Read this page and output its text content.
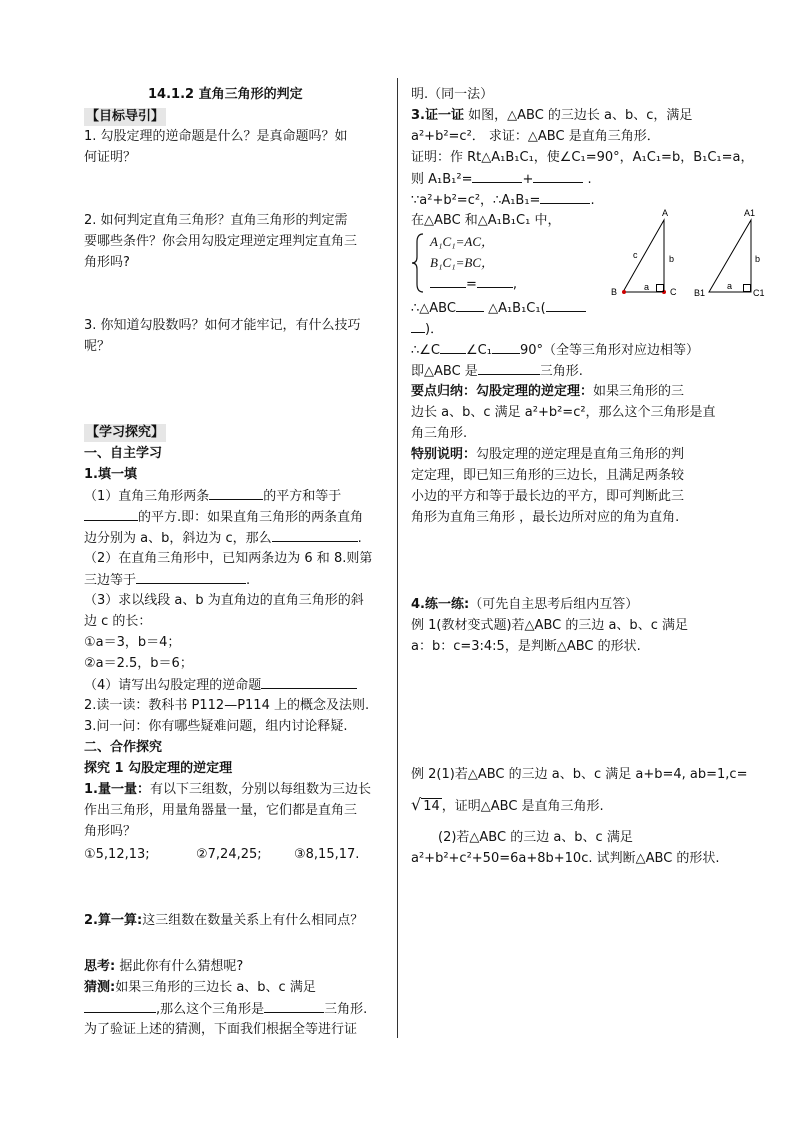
14.1.2 直角三角形的判定
【目标导引】
1. 勾股定理的逆命题是什么？是真命题吗？如
何证明？
2. 如何判定直角三角形？直角三角形的判定需
要哪些条件？你会用勾股定理逆定理判定直角三
角形吗?
3. 你知道勾股数吗？如何才能牢记，有什么技巧
呢？
【学习探究】
一、自主学习
1.填一填
（1）直角三角形两条	的平方和等于
的平方.即：如果直角三角形的两条直角
边分别为 a、b，斜边为 c，那么	.
（2）在直角三角形中，已知两条边为 6 和 8.则第
三边等于	.
（3）求以线段 a、b 为直角边的直角三角形的斜
边 c 的长：
①a＝3，b＝4；
②a＝2.5，b＝6；
（4）请写出勾股定理的逆命题
2.读一读：教科书 P112—P114 上的概念及法则.
3.问一问：你有哪些疑难问题，组内讨论释疑.
二、合作探究
探究 1 勾股定理的逆定理
1.量一量：有以下三组数，分别以每组数为三边长
作出三角形，用量角器量一量，它们都是直角三
角形吗？
①5,12,13;	②7,24,25; ③8,15,17.
2.算一算:这三组数在数量关系上有什么相同点？
思考: 据此你有什么猜想呢?
猜测:如果三角形的三边长 a、b、c 满足
,那么这个三角形是	三角形.
为了验证上述的猜测，下面我们根据全等进行证
明.（同一法）
3.证一证 如图，△ABC 的三边长 a、b、c，满足
a²+b²=c²． 求证：△ABC 是直角三角形．
证明：作 Rt△A₁B₁C₁，使∠C₁=90°，A₁C₁=b，B₁C₁=a，
则 A₁B₁²=	+	.
∵a²+b²=c²，∴A₁B₁=	.
在△ABC 和△A₁B₁C₁ 中，
A₁C₁=AC，
B₁C₁=BC，
=	,
∴△ABC △A₁B₁C₁(
)．
∴∠C ∠C₁ 90°（全等三角形对应边相等）
即△ABC 是	三角形.
要点归纳：勾股定理的逆定理：如果三角形的三
边长 a、b、c 满足 a²+b²=c²，那么这个三角形是直
角三角形.
特别说明：勾股定理的逆定理是直角三角形的判
定定理，即已知三角形的三边长，且满足两条较
小边的平方和等于最长边的平方，即可判断此三
角形为直角三角形 ，最长边所对应的角为直角.
4.练一练:（可先自主思考后组内互答）
例 1(教材变式题)若△ABC 的三边 a、b、c 满足
a：b：c=3:4:5，是判断△ABC 的形状.
例 2(1)若△ABC 的三边 a、b、c 满足 a+b=4, ab=1,c=
√ 14 ，证明△ABC 是直角三角形.
(2)若△ABC 的三边 a、b、c 满足
a²+b²+c²+50=6a+8b+10c. 试判断△ABC 的形状.
A
B	C
a
b
c
A1
B1	C1
a
b
